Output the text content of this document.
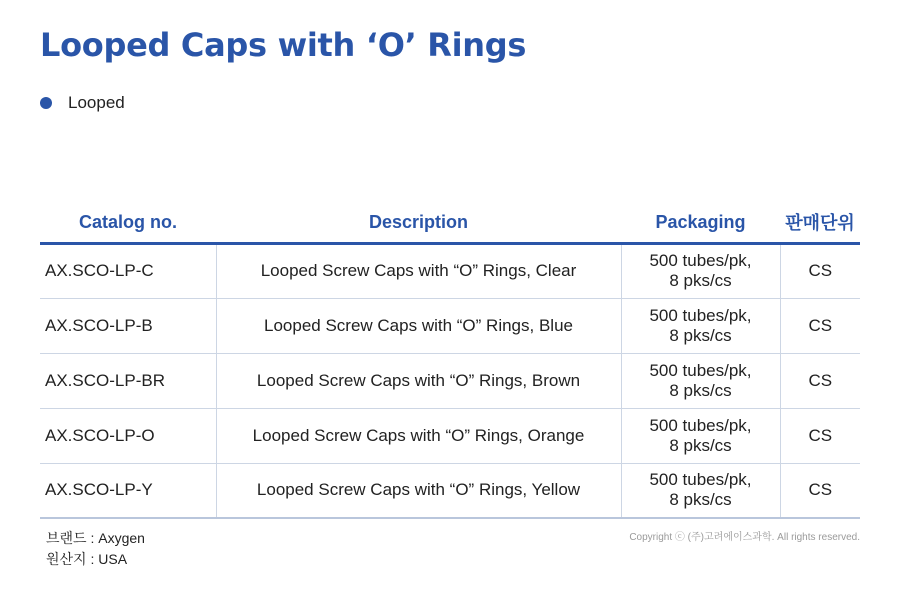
Looped Caps with ‘O’ Rings
Looped
Catalog no.	Description	Packaging	판매단위
AX.SCO-LP-C	Looped Screw Caps with “O” Rings, Clear	500 tubes/pk,
8 pks/cs	CS
AX.SCO-LP-B	Looped Screw Caps with “O” Rings, Blue	500 tubes/pk,
8 pks/cs	CS
AX.SCO-LP-BR	Looped Screw Caps with “O” Rings, Brown	500 tubes/pk,
8 pks/cs	CS
AX.SCO-LP-O	Looped Screw Caps with “O” Rings, Orange	500 tubes/pk,
8 pks/cs	CS
AX.SCO-LP-Y	Looped Screw Caps with “O” Rings, Yellow	500 tubes/pk,
8 pks/cs	CS
브랜드 : Axygen
원산지 : USA
Copyright ⓒ (주)고려에이스과학. All rights reserved.
